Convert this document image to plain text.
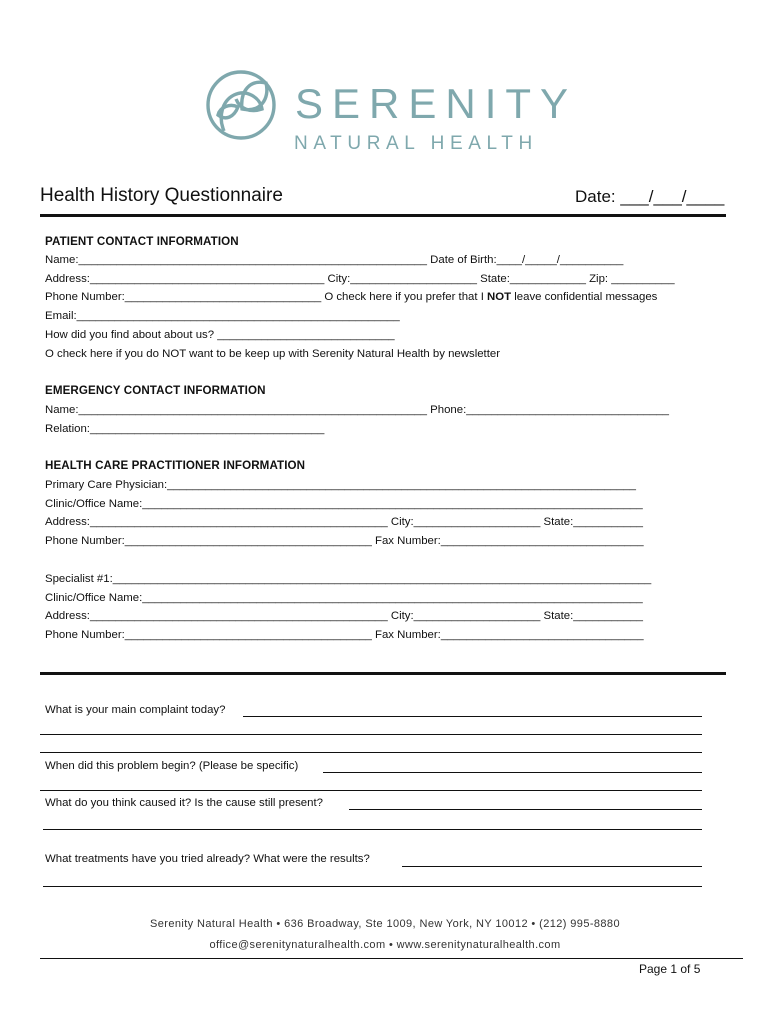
SERENITY
NATURAL HEALTH
Health History Questionnaire	Date: ___/___/____
PATIENT CONTACT INFORMATION
Name:_______________________________________________________ Date of Birth:____/_____/__________
Address:_____________________________________ City:____________________ State:____________ Zip: __________
Phone Number:_______________________________ O check here if you prefer that I NOT leave confidential messages
Email:___________________________________________________
How did you find about about us? ____________________________
O check here if you do NOT want to be keep up with Serenity Natural Health by newsletter
EMERGENCY CONTACT INFORMATION
Name:_______________________________________________________ Phone:________________________________
Relation:_____________________________________
HEALTH CARE PRACTITIONER INFORMATION
Primary Care Physician:__________________________________________________________________________
Clinic/Office Name:_______________________________________________________________________________
Address:_______________________________________________ City:____________________ State:___________
Phone Number:_______________________________________ Fax Number:________________________________
Specialist #1:_____________________________________________________________________________________
Clinic/Office Name:_______________________________________________________________________________
Address:_______________________________________________ City:____________________ State:___________
Phone Number:_______________________________________ Fax Number:________________________________
What is your main complaint today?
When did this problem begin? (Please be specific)
What do you think caused it? Is the cause still present?
What treatments have you tried already? What were the results?
Serenity Natural Health • 636 Broadway, Ste 1009, New York, NY 10012 • (212) 995-8880
office@serenitynaturalhealth.com • www.serenitynaturalhealth.com
Page 1 of 5
